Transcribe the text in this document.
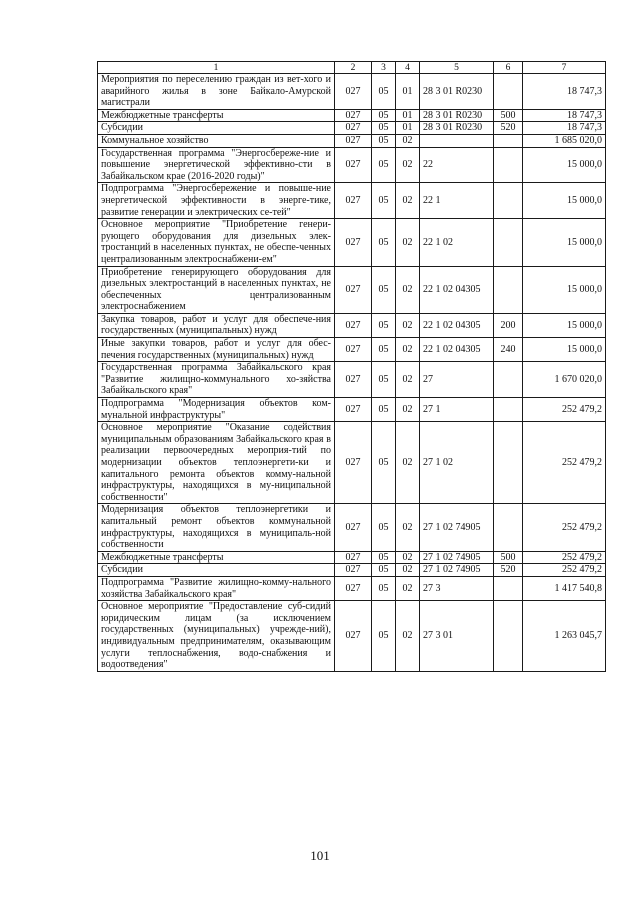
1	2	3	4	5	6	7
Мероприятия по переселению граждан из вет-хого и аварийного жилья в зоне Байкало-Амурской магистрали	027	05	01	28 3 01 R0230		18 747,3
Межбюджетные трансферты	027	05	01	28 3 01 R0230	500	18 747,3
Субсидии	027	05	01	28 3 01 R0230	520	18 747,3
Коммунальное хозяйство	027	05	02			1 685 020,0
Государственная программа "Энергосбереже-ние и повышение энергетической эффективно-сти в Забайкальском крае (2016-2020 годы)"	027	05	02	22		15 000,0
Подпрограмма "Энергосбережение и повыше-ние энергетической эффективности в энерге-тике, развитие генерации и электрических се-тей"	027	05	02	22 1		15 000,0
Основное мероприятие "Приобретение генери-рующего оборудования для дизельных элек-тростанций в населенных пунктах, не обеспе-ченных централизованным электроснабжени-ем"	027	05	02	22 1 02		15 000,0
Приобретение генерирующего оборудования для дизельных электростанций в населенных пунктах, не обеспеченных централизованным электроснабжением	027	05	02	22 1 02 04305		15 000,0
Закупка товаров, работ и услуг для обеспече-ния государственных (муниципальных) нужд	027	05	02	22 1 02 04305	200	15 000,0
Иные закупки товаров, работ и услуг для обес-печения государственных (муниципальных) нужд	027	05	02	22 1 02 04305	240	15 000,0
Государственная программа Забайкальского края "Развитие жилищно-коммунального хо-зяйства Забайкальского края"	027	05	02	27		1 670 020,0
Подпрограмма "Модернизация объектов ком-мунальной инфраструктуры"	027	05	02	27 1		252 479,2
Основное мероприятие "Оказание содействия муниципальным образованиям Забайкальского края в реализации первоочередных мероприя-тий по модернизации объектов теплоэнергети-ки и капитального ремонта объектов комму-нальной инфраструктуры, находящихся в му-ниципальной собственности"	027	05	02	27 1 02		252 479,2
Модернизация объектов теплоэнергетики и капитальный ремонт объектов коммунальной инфраструктуры, находящихся в муниципаль-ной собственности	027	05	02	27 1 02 74905		252 479,2
Межбюджетные трансферты	027	05	02	27 1 02 74905	500	252 479,2
Субсидии	027	05	02	27 1 02 74905	520	252 479,2
Подпрограмма "Развитие жилищно-комму-нального хозяйства Забайкальского края"	027	05	02	27 3		1 417 540,8
Основное мероприятие "Предоставление суб-сидий юридическим лицам (за исключением государственных (муниципальных) учрежде-ний), индивидуальным предпринимателям, оказывающим услуги теплоснабжения, водо-снабжения и водоотведения"	027	05	02	27 3 01		1 263 045,7
101
